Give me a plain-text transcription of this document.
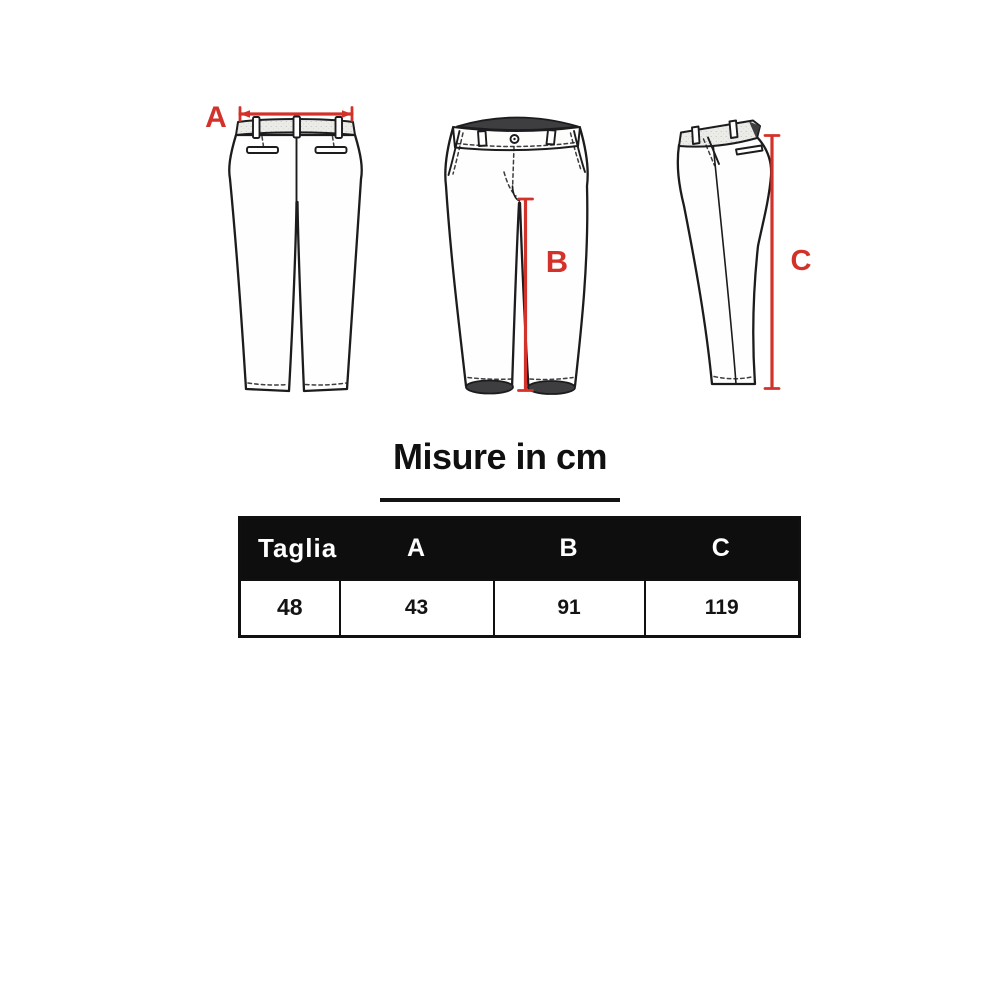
A
B	C
Misure in cm
Taglia	A	B	C
48	43	91	119
